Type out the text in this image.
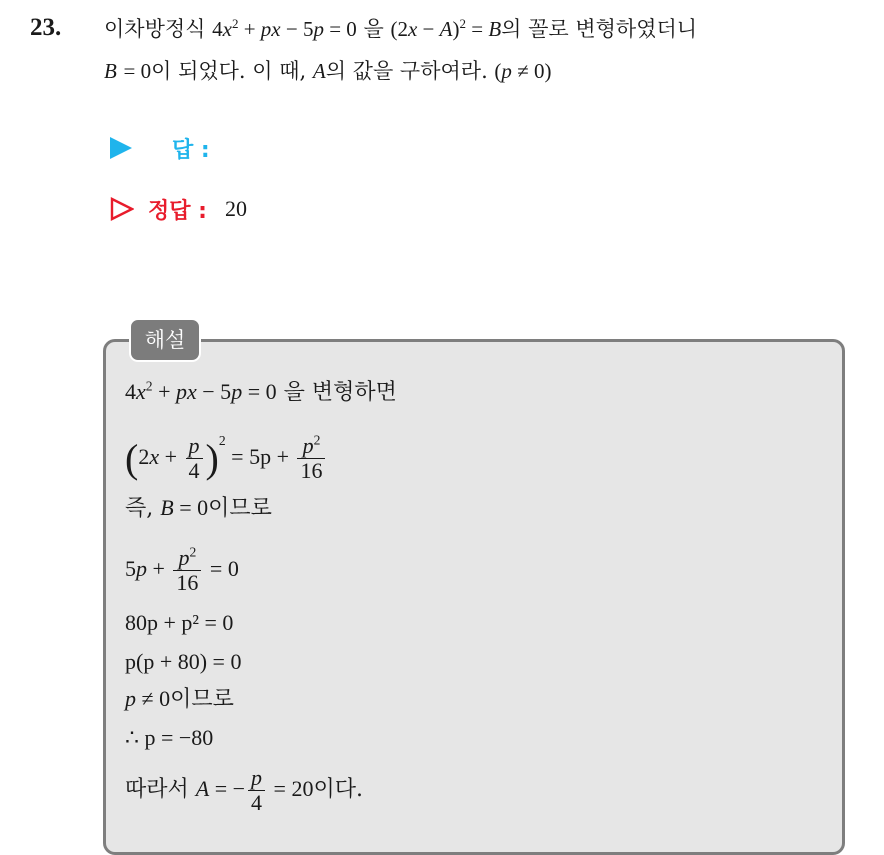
23. 이차방정식 $4x^2$ + px − 5p = 0 을 $(2x - A)^2 = B$의 꼴로 변형하였더니
B = 0이 되었다. 이 때, A의 값을 구하여라. (p ≠ 0)
답 :
정답 : 20
해설
$4x^2$ + px − 5p = 0 을 변형하면
$(2x + \frac{p}{4} )^2 = 5p + \frac{p^2}{16}$
즉, B = 0이므로
$5p + \frac{p^2}{16} = 0$
80p + p² = 0
p(p + 80) = 0
p ≠ 0이므로
∴ p = −80
따라서 A = − $\frac{p}{4} = 20$이다.
